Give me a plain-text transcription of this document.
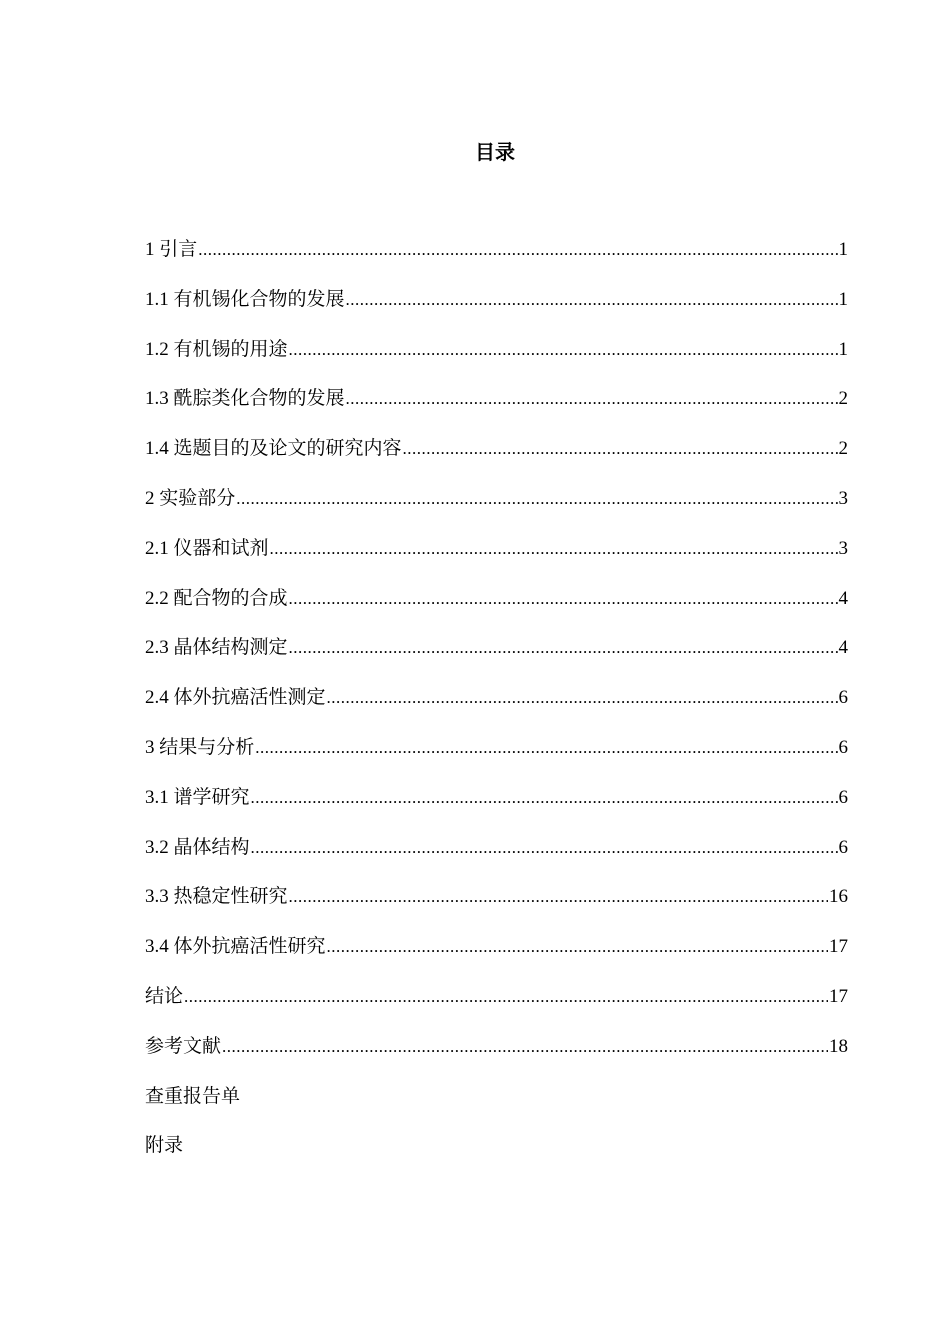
目录
1 引言 .....	1
1.1 有机锡化合物的发展 .....	1
1.2 有机锡的用途 .....	1
1.3 酰腙类化合物的发展 .....	2
1.4 选题目的及论文的研究内容 .....	2
2 实验部分 .....	3
2.1 仪器和试剂 .....	3
2.2 配合物的合成 .....	4
2.3 晶体结构测定 .....	4
2.4 体外抗癌活性测定 .....	6
3 结果与分析 .....	6
3.1 谱学研究 .....	6
3.2 晶体结构 .....	6
3.3 热稳定性研究 .....	16
3.4 体外抗癌活性研究 .....	17
结论 .....	17
参考文献 .....	18
查重报告单
附录
